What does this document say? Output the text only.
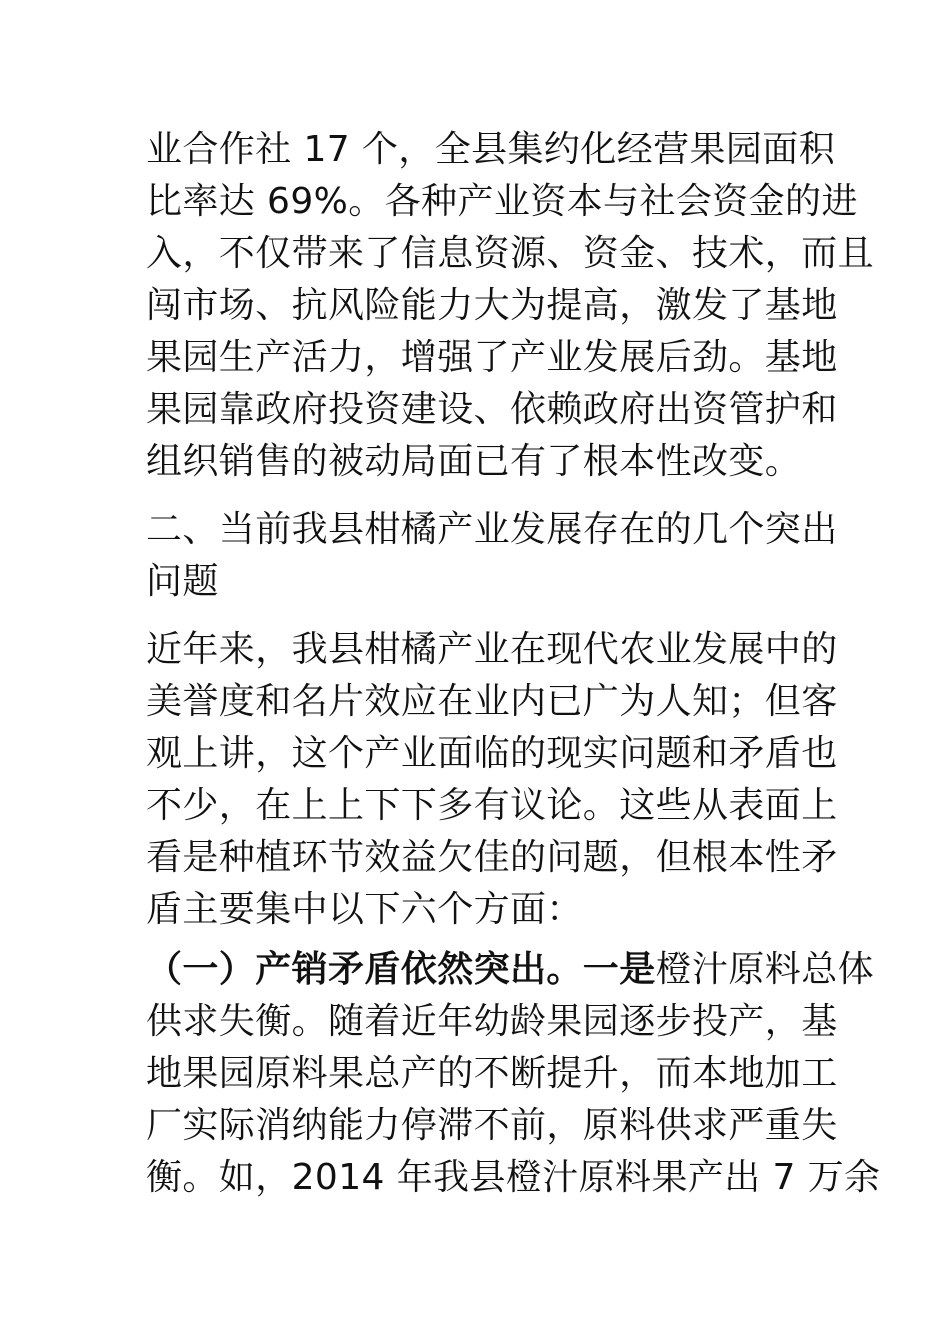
业合作社 17 个，全县集约化经营果园面积
比率达 69%。各种产业资本与社会资金的进
入，不仅带来了信息资源、资金、技术，而且
闯市场、抗风险能力大为提高，激发了基地
果园生产活力，增强了产业发展后劲。基地
果园靠政府投资建设、依赖政府出资管护和
组织销售的被动局面已有了根本性改变。
二、当前我县柑橘产业发展存在的几个突出
问题
近年来，我县柑橘产业在现代农业发展中的
美誉度和名片效应在业内已广为人知；但客
观上讲，这个产业面临的现实问题和矛盾也
不少，在上上下下多有议论。这些从表面上
看是种植环节效益欠佳的问题，但根本性矛
盾主要集中以下六个方面：
（一）产销矛盾依然突出。一是橙汁原料总体
供求失衡。随着近年幼龄果园逐步投产，基
地果园原料果总产的不断提升，而本地加工
厂实际消纳能力停滞不前，原料供求严重失
衡。如，2014 年我县橙汁原料果产出 7 万余
